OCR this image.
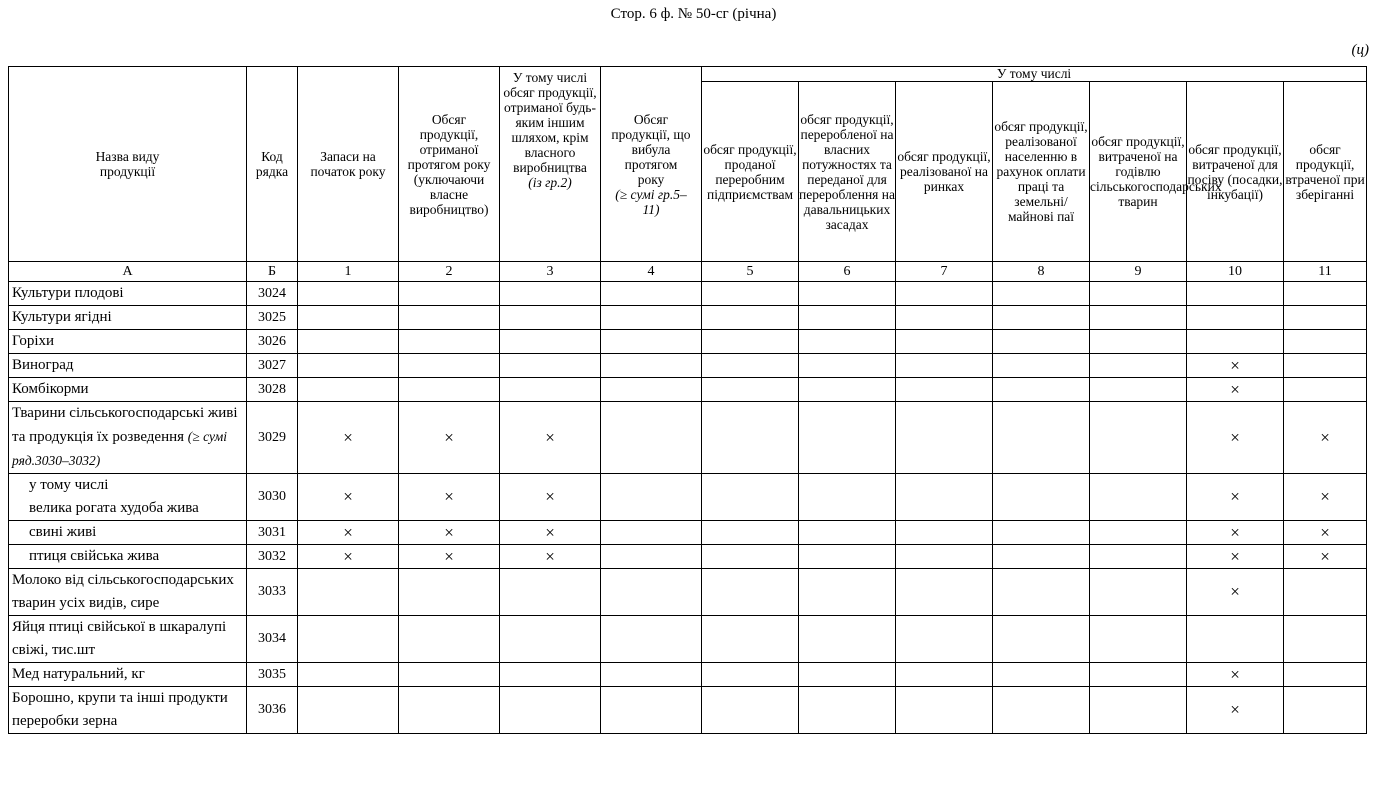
Стор. 6 ф. № 50-сг (річна)
(ц)
Назва виду продукції	Код рядка	Запаси на початок року	Обсяг продукції, отриманої протягом року (уключаючи власне виробництво)	У тому числі обсяг продукції, отриманої будь-яким іншим шляхом, крім власного виробництва
(із гр.2)	Обсяг продукції, що вибула протягом року
(≥ сумі гр.5–11)	У тому числі						

						обсяг продукції, проданої переробним підприємствам	обсяг продукції, переробленої на власних потужностях та переданої для перероблення на давальницьких засадах	обсяг продукції, реалізованої на ринках	обсяг продукції, реалізованої населенню в рахунок оплати праці та земельні/ майнові паї	обсяг продукції, витраченої на годівлю сільськогосподарських тварин	обсяг продукції, витраченої для посіву (посадки, інкубації)	обсяг продукції, втраченої при зберіганні

А	Б	1	2	3	4	5	6	7	8	9	10	11
Культури плодові	3024											
Культури ягідні	3025											
Горіхи	3026											
Виноград	3027										×	
Комбікорми	3028										×	
Тварини сільськогосподарські живі та продукція їх розведення (≥ сумі ряд.3030–3032)	3029	×	×	×							×	×

у тому числі
велика рогата худоба жива	3030	×	×	×							×	×
свині живі	3031	×	×	×							×	×
птиця свійська жива	3032	×	×	×							×	×
Молоко від сільськогосподарських тварин усіх видів, сире	3033										×	
Яйця птиці свійської в шкаралупі свіжі, тис.шт	3034											
Мед натуральний, кг	3035										×	
Борошно, крупи та інші продукти переробки зерна	3036										×	
